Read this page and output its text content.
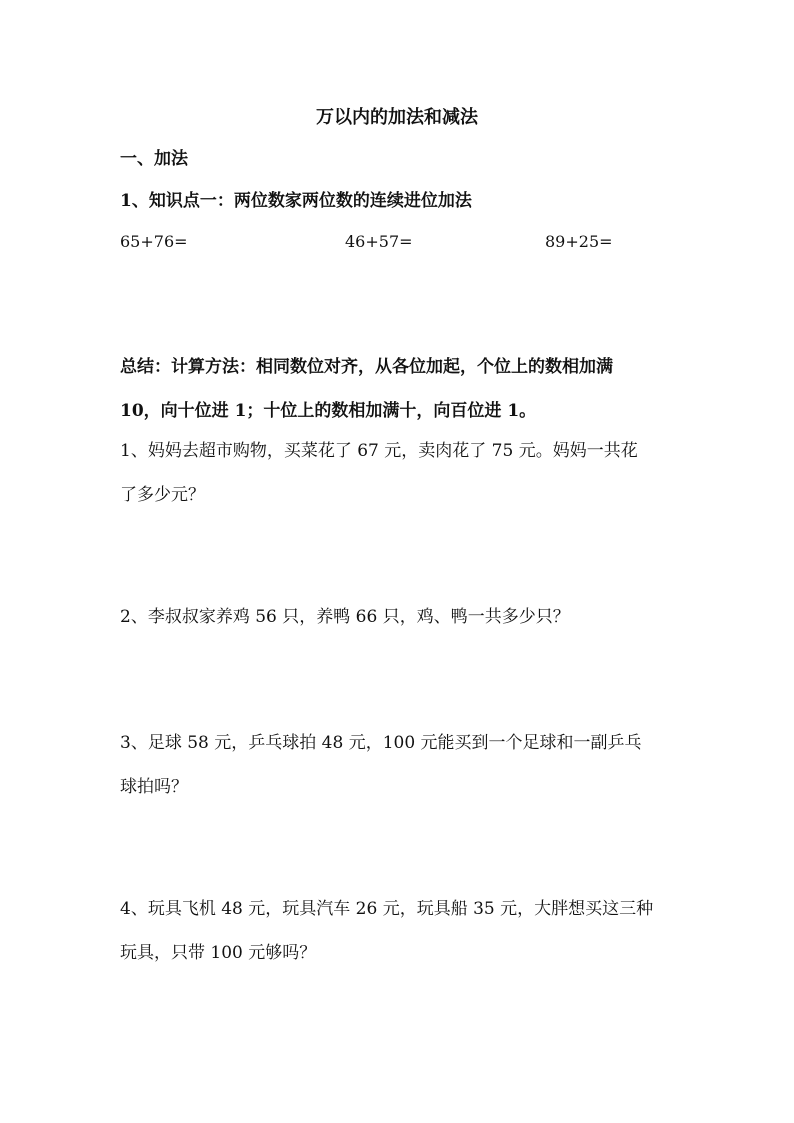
万以内的加法和减法
一、加法
1、知识点一：两位数家两位数的连续进位加法
65+76=	46+57=	89+25=
总结：计算方法：相同数位对齐，从各位加起，个位上的数相加满
10，向十位进 1；十位上的数相加满十，向百位进 1。
1、妈妈去超市购物，买菜花了 67 元，卖肉花了 75 元。妈妈一共花
了多少元？
2、李叔叔家养鸡 56 只，养鸭 66 只，鸡、鸭一共多少只？
3、足球 58 元，乒乓球拍 48 元，100 元能买到一个足球和一副乒乓
球拍吗？
4、玩具飞机 48 元，玩具汽车 26 元，玩具船 35 元，大胖想买这三种
玩具，只带 100 元够吗？
